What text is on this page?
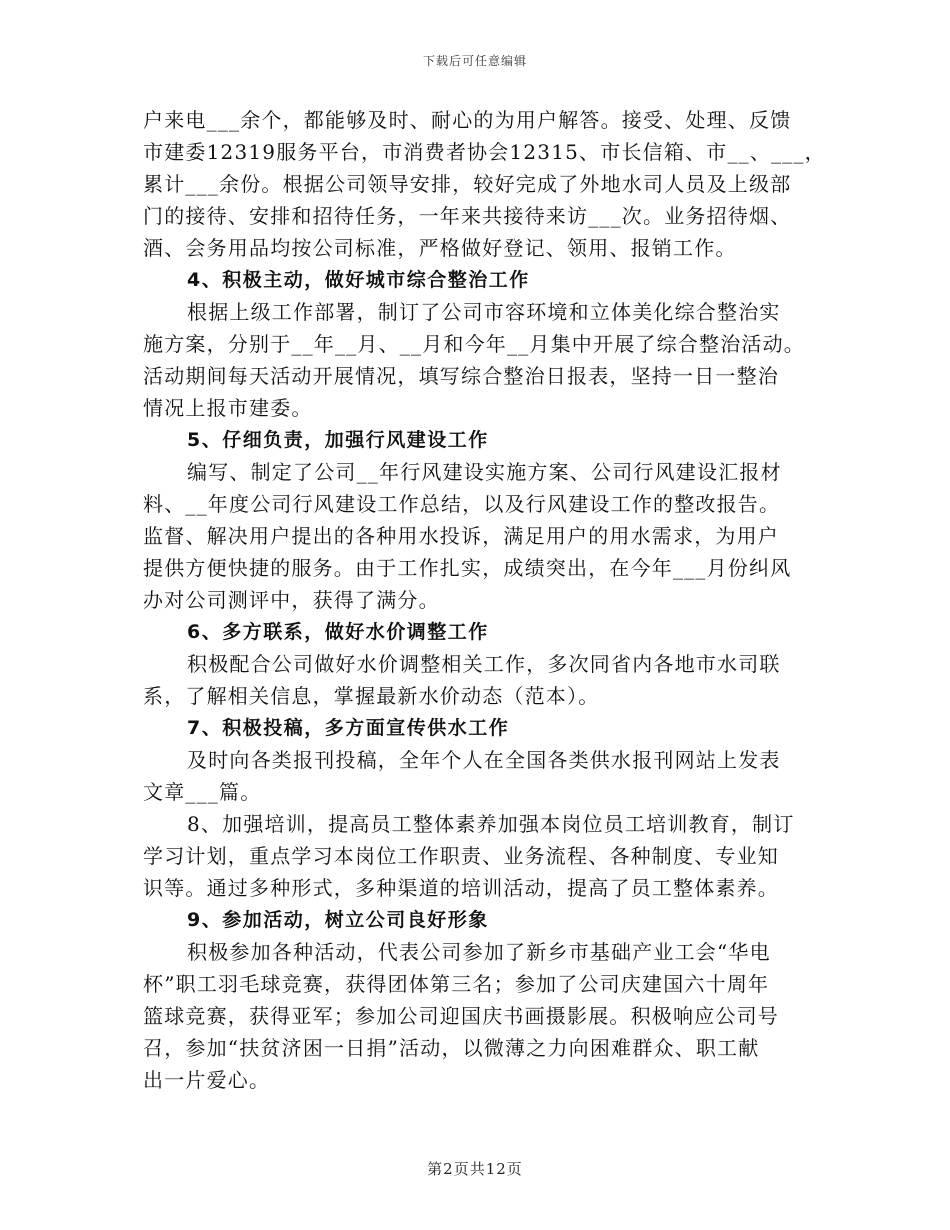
下载后可任意编辑
户来电___余个，都能够及时、耐心的为用户解答。接受、处理、反馈
市建委12319服务平台，市消费者协会12315、市长信箱、市__、___，
累计___余份。根据公司领导安排，较好完成了外地水司人员及上级部
门的接待、安排和招待任务，一年来共接待来访___次。业务招待烟、
酒、会务用品均按公司标准，严格做好登记、领用、报销工作。
4、积极主动，做好城市综合整治工作
根据上级工作部署，制订了公司市容环境和立体美化综合整治实
施方案，分别于__年__月、__月和今年__月集中开展了综合整治活动。
活动期间每天活动开展情况，填写综合整治日报表，坚持一日一整治
情况上报市建委。
5、仔细负责，加强行风建设工作
编写、制定了公司__年行风建设实施方案、公司行风建设汇报材
料、__年度公司行风建设工作总结，以及行风建设工作的整改报告。
监督、解决用户提出的各种用水投诉，满足用户的用水需求，为用户
提供方便快捷的服务。由于工作扎实，成绩突出，在今年___月份纠风
办对公司测评中，获得了满分。
6、多方联系，做好水价调整工作
积极配合公司做好水价调整相关工作，多次同省内各地市水司联
系，了解相关信息，掌握最新水价动态（范本）。
7、积极投稿，多方面宣传供水工作
及时向各类报刊投稿，全年个人在全国各类供水报刊网站上发表
文章___篇。
8、加强培训，提高员工整体素养加强本岗位员工培训教育，制订
学习计划，重点学习本岗位工作职责、业务流程、各种制度、专业知
识等。通过多种形式，多种渠道的培训活动，提高了员工整体素养。
9、参加活动，树立公司良好形象
积极参加各种活动，代表公司参加了新乡市基础产业工会“华电
杯”职工羽毛球竞赛，获得团体第三名；参加了公司庆建国六十周年
篮球竞赛，获得亚军；参加公司迎国庆书画摄影展。积极响应公司号
召，参加“扶贫济困一日捐”活动，以微薄之力向困难群众、职工献
出一片爱心。
第2页共12页
